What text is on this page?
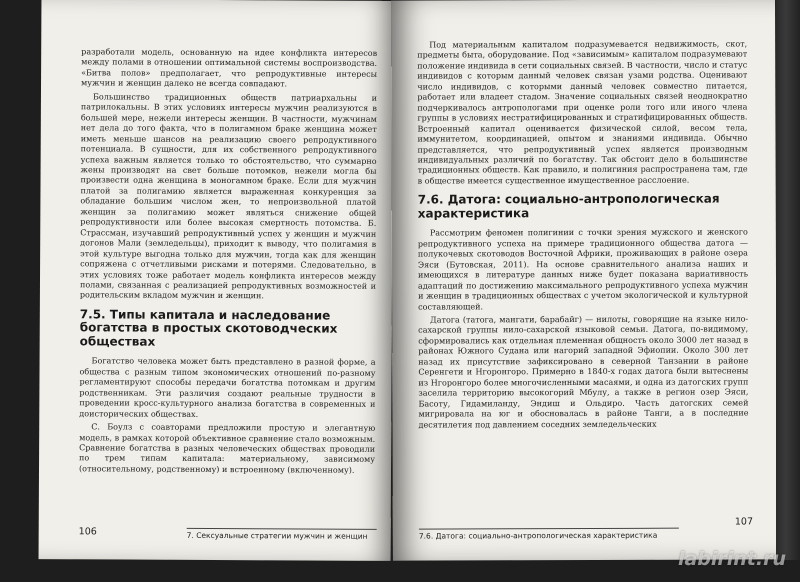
разработали модель, основанную на идее конфликта интересов между полами в отношении оптимальной системы воспроизводства. «Битва полов» предполагает, что репродуктивные интересы мужчин и женщин далеко не всегда совпадают.

Большинство традиционных обществ патриархальны и патрилокальны. В этих условиях интересы мужчин реализуются в большей мере, нежели интересы женщин. В частности, мужчинам нет дела до того факта, что в полигамном браке женщина может иметь меньше шансов на реализацию своего репродуктивного потенциала. В сущности, для их собственного репродуктивного успеха важным является только то обстоятельство, что суммарно жены производят на свет больше потомков, нежели могла бы произвести одна женщина в моногамном браке. Если для мужчин платой за полигамию является выраженная конкуренция за обладание большим числом жен, то непроизвольной платой женщин за полигамию может являться снижение общей репродуктивности или более высокая смертность потомства. Б. Страссман, изучавший репродуктивный успех у женщин и мужчин догонов Мали (земледельцы), приходит к выводу, что полигамия в этой культуре выгодна только для мужчин, тогда как для женщин сопряжена с отчетливыми рисками и потерями. Следовательно, в этих условиях тоже работает модель конфликта интересов между полами, связанная с реализацией репродуктивных возможностей и родительским вкладом мужчин и женщин.

7.5. Типы капитала и наследование богатства в простых скотоводческих обществах

Богатство человека может быть представлено в разной форме, а общества с разным типом экономических отношений по-разному регламентируют способы передачи богатства потомкам и другим родственникам. Эти различия создают реальные трудности в проведении кросс-культурного анализа богатства в современных и доисторических обществах.

С. Боулз с соавторами предложили простую и элегантную модель, в рамках которой объективное сравнение стало возможным. Сравнение богатства в разных человеческих обществах проводили по трем типам капитала: материальному, зависимому (относительному, родственному) и встроенному (включенному).

106	7. Сексуальные стратегии мужчин и женщин

Под материальным капиталом подразумевается недвижимость, скот, предметы быта, оборудование. Под «зависимым» капиталом подразумевают положение индивида в сети социальных связей. В частности, число и статус индивидов с которым данный человек связан узами родства. Оценивают число индивидов, с которыми данный человек совместно питается, работает или владеет стадом. Значение социальных связей неоднократно подчеркивалось антропологами при оценке роли того или иного члена группы в условиях нестратифицированных и стратифицированных обществ. Встроенный капитал оценивается физической силой, весом тела, иммунитетом, координацией, опытом и знаниями индивида. Обычно представляется, что репродуктивный успех является производным индивидуальных различий по богатству. Так обстоит дело в большинстве традиционных обществ. Как правило, и полигиния распространена там, где в обществе имеется существенное имущественное расслоение.

7.6. Датога: социально-антропологическая характеристика

Рассмотрим феномен полигинии с точки зрения мужского и женского репродуктивного успеха на примере традиционного общества датога — полукочевых скотоводов Восточной Африки, проживающих в районе озера Эяси (Бутовская, 2011). На основе сравнительного анализа наших и имеющихся в литературе данных ниже будет показана вариативность адаптаций по достижению максимального репродуктивного успеха мужчин и женщин в традиционных обществах с учетом экологической и культурной составляющей.

Датога (татога, мангати, барабайг) — нилоты, говорящие на языке нило-сахарской группы нило-сахарской языковой семьи. Датога, по-видимому, сформировались как отдельная племенная общность около 3000 лет назад в районах Южного Судана или нагорий западной Эфиопии. Около 300 лет назад их присутствие зафиксировано в северной Танзании в районе Серенгети и Нгоронгоро. Примерно в 1840-х годах датога были вытеснены из Нгоронгоро более многочисленными масаями, и одна из датогских групп заселила территорию высокогорий Мбулу, а также в регион озер Эяси, Басоту, Гидамиланду, Эндиш и Ольдиро. Часть датогских семей мигрировала на юг и обосновалась в районе Танги, а в последние десятилетия под давлением соседних земледельческих

107
7.6. Датога: социально-антропологическая характеристика
labirint.ru
